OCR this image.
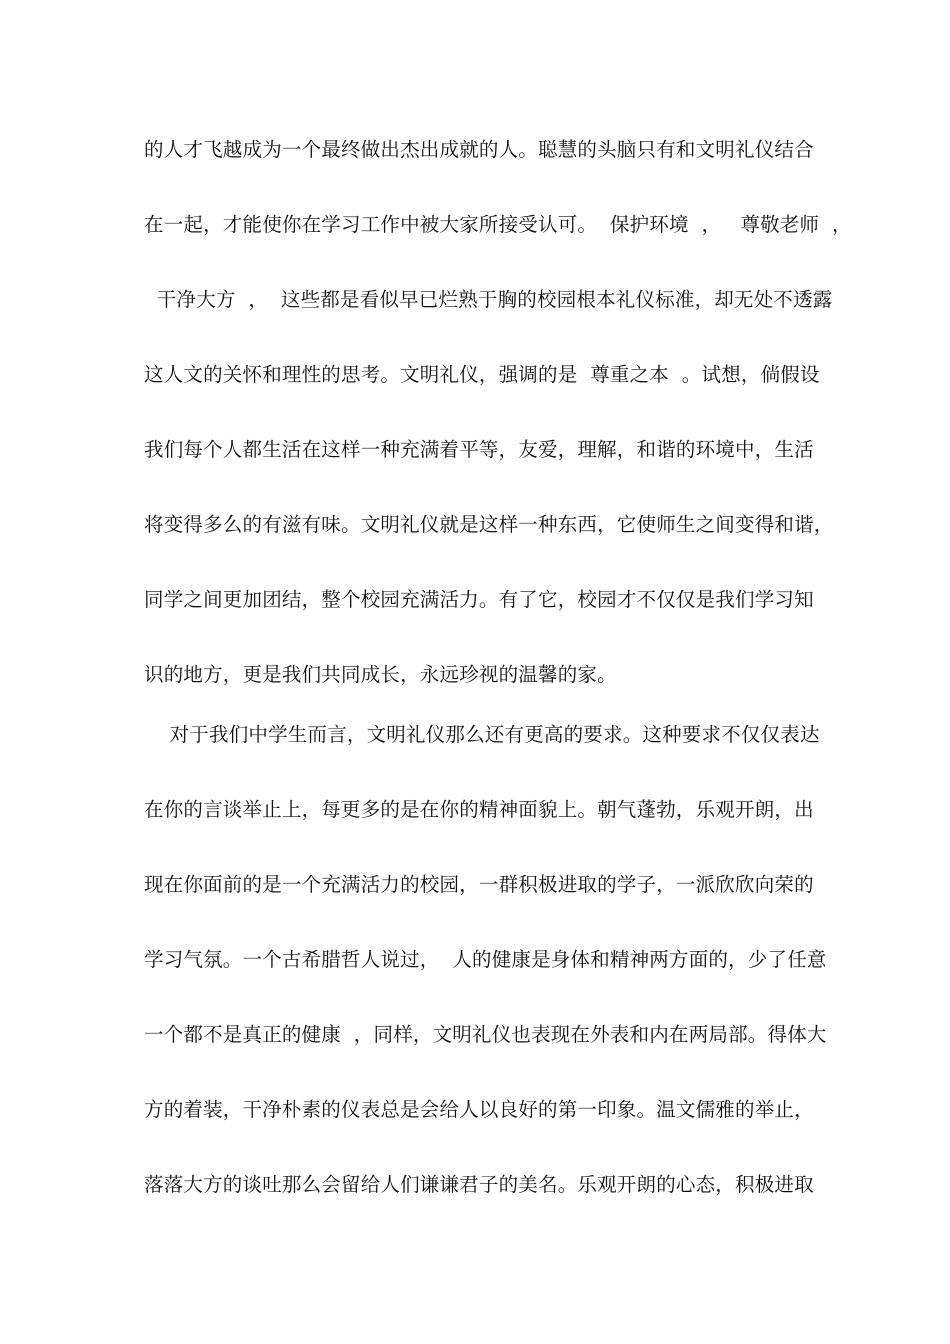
的人才飞越成为一个最终做出杰出成就的人。聪慧的头脑只有和文明礼仪结合
在一起，才能使你在学习工作中被大家所接受认可。  保护环境  ，   尊敬老师  ，
干净大方  ，  这些都是看似早已烂熟于胸的校园根本礼仪标准，却无处不透露
这人文的关怀和理性的思考。文明礼仪，强调的是  尊重之本  。试想，倘假设
我们每个人都生活在这样一种充满着平等，友爱，理解，和谐的环境中，生活
将变得多么的有滋有味。文明礼仪就是这样一种东西，它使师生之间变得和谐，
同学之间更加团结，整个校园充满活力。有了它，校园才不仅仅是我们学习知
识的地方，更是我们共同成长，永远珍视的温馨的家。
对于我们中学生而言，文明礼仪那么还有更高的要求。这种要求不仅仅表达
在你的言谈举止上，每更多的是在你的精神面貌上。朝气蓬勃，乐观开朗，出
现在你面前的是一个充满活力的校园，一群积极进取的学子，一派欣欣向荣的
学习气氛。一个古希腊哲人说过，  人的健康是身体和精神两方面的，少了任意
一个都不是真正的健康  ，同样，文明礼仪也表现在外表和内在两局部。得体大
方的着装，干净朴素的仪表总是会给人以良好的第一印象。温文儒雅的举止，
落落大方的谈吐那么会留给人们谦谦君子的美名。乐观开朗的心态，积极进取
